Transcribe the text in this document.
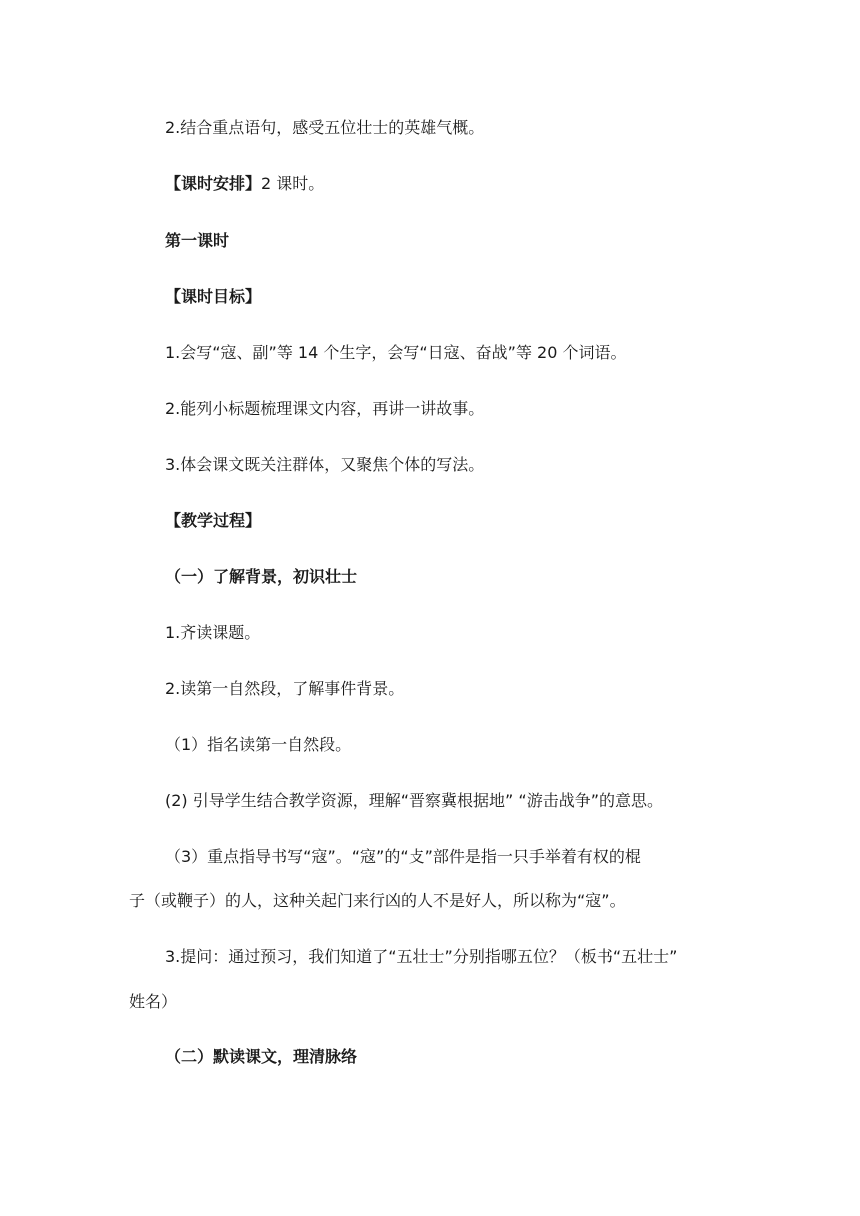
2.结合重点语句，感受五位壮士的英雄气概。
【课时安排】2 课时。
第一课时
【课时目标】
1.会写“寇、副”等 14 个生字，会写“日寇、奋战”等 20 个词语。
2.能列小标题梳理课文内容，再讲一讲故事。
3.体会课文既关注群体，又聚焦个体的写法。
【教学过程】
（一）了解背景，初识壮士
1.齐读课题。
2.读第一自然段，了解事件背景。
（1）指名读第一自然段。
(2) 引导学生结合教学资源，理解“晋察冀根据地” “游击战争”的意思。
（3）重点指导书写“寇”。“寇”的“攴”部件是指一只手举着有权的棍
子（或鞭子）的人，这种关起门来行凶的人不是好人，所以称为“寇”。
3.提问：通过预习，我们知道了“五壮士”分别指哪五位？（板书“五壮士”
姓名）
（二）默读课文，理清脉络
